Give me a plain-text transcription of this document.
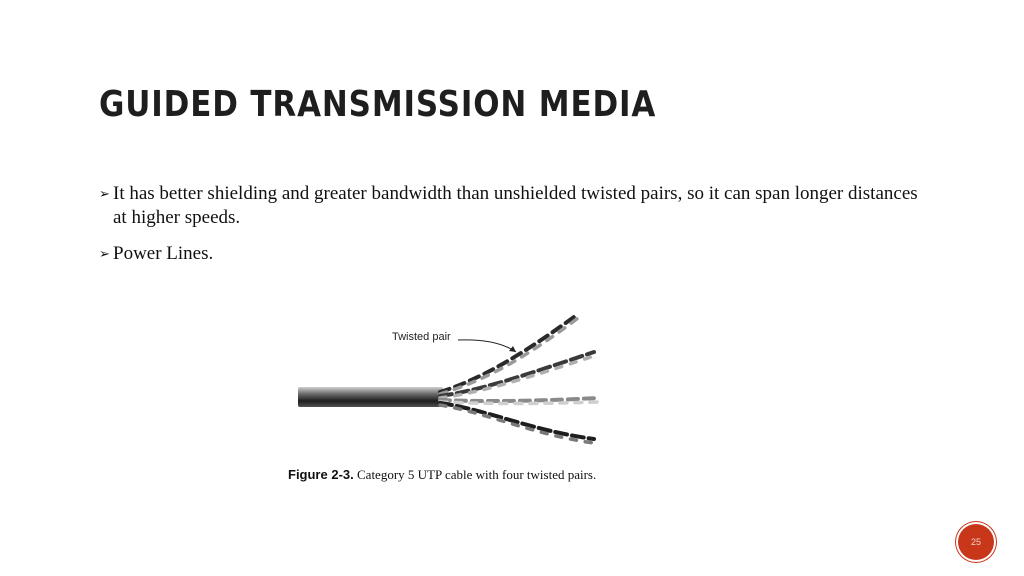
GUIDED TRANSMISSION MEDIA
➢ It has better shielding and greater bandwidth than unshielded twisted pairs, so it can span longer distances at higher speeds.
➢ Power Lines.
Twisted pair
Figure 2-3. Category 5 UTP cable with four twisted pairs.
25
